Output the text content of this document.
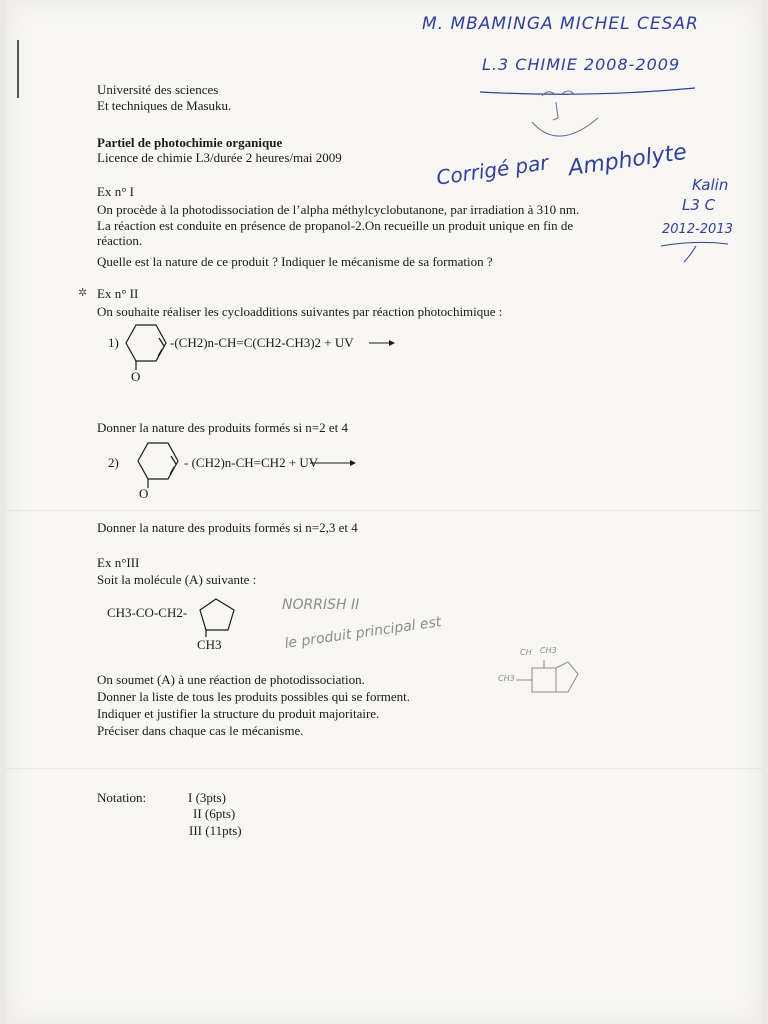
M. MBAMINGA MICHEL CESAR
L.3 CHIMIE 2008-2009
Corrigé par Ampholyte
Kalin
L3 C
2012-2013
Université des sciences
Et techniques de Masuku.
Partiel de photochimie organique
Licence de chimie L3/durée 2 heures/mai 2009
Ex n° I
On procède à la photodissociation de l’alpha méthylcyclobutanone, par irradiation à 310 nm.
La réaction est conduite en présence de propanol-2.On recueille un produit unique en fin de
réaction.
Quelle est la nature de ce produit ? Indiquer le mécanisme de sa formation ?
✲ Ex n° II
On souhaite réaliser les cycloadditions suivantes par réaction photochimique :
1)
O
-(CH2)n-CH=C(CH2-CH3)2 + UV →
Donner la nature des produits formés si n=2 et 4
2)
O
- (CH2)n-CH=CH2 + UV
Donner la nature des produits formés si n=2,3 et 4
Ex n°III
Soit la molécule (A) suivante :
CH3-CO-CH2-
CH3
NORRISH II
le produit principal est
CH CH3
CH3
On soumet (A) à une réaction de photodissociation.
Donner la liste de tous les produits possibles qui se forment.
Indiquer et justifier la structure du produit majoritaire.
Préciser dans chaque cas le mécanisme.
Notation:	I (3pts)
II (6pts)
III (11pts)
